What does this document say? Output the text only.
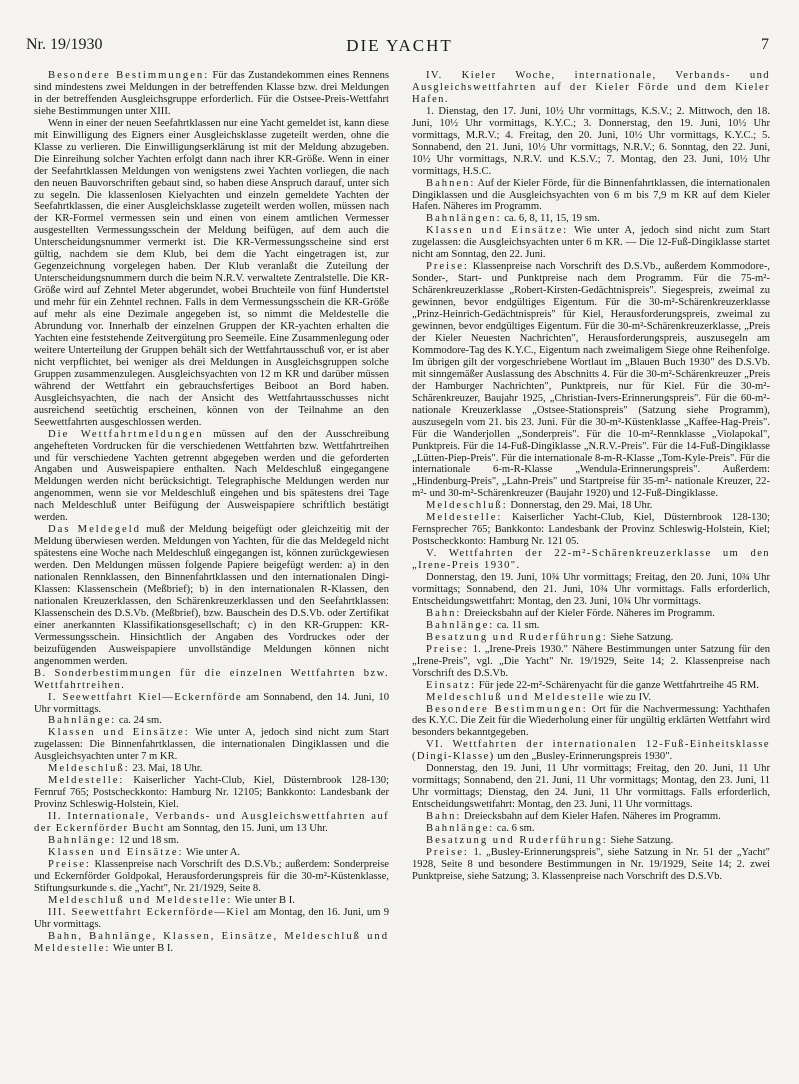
Nr. 19/1930	DIE YACHT	7

Besondere Bestimmungen: Für das Zustandekommen eines Rennens sind mindestens zwei Meldungen in der betreffenden Klasse bzw. drei Meldungen in der betreffenden Ausgleichsgruppe erforderlich. Für die Ostsee-Preis-Wettfahrt siehe Bestimmungen unter XIII.

Wenn in einer der neuen Seefahrtklassen nur eine Yacht gemeldet ist, kann diese mit Einwilligung des Eigners einer Ausgleichsklasse zugeteilt werden, ohne die Klasse zu verlieren. Die Einwilligungserklärung ist mit der Meldung abzugeben. Die Einreihung solcher Yachten erfolgt dann nach ihrer KR-Größe. Wenn in einer der Seefahrtklassen Meldungen von wenigstens zwei Yachten vorliegen, die nach den neuen Bauvorschriften gebaut sind, so haben diese Anspruch darauf, unter sich zu segeln. Die klassenlosen Kielyachten und einzeln gemeldete Yachten der Seefahrtklassen, die einer Ausgleichsklasse zugeteilt werden wollen, müssen nach der KR-Formel vermessen sein und einen von einem amtlichen Vermesser ausgestellten Vermessungsschein der Meldung beifügen, auf dem auch die Unterscheidungsnummer vermerkt ist. Die KR-Vermessungsscheine sind erst gültig, nachdem sie dem Klub, bei dem die Yacht eingetragen ist, zur Gegenzeichnung vorgelegen haben. Der Klub veranlaßt die Zuteilung der Unterscheidungsnummern durch die beim N.R.V. verwaltete Zentralstelle. Die KR-Größe wird auf Zehntel Meter abgerundet, wobei Bruchteile von fünf Hundertstel und mehr für ein Zehntel rechnen. Falls in dem Vermessungsschein die KR-Größe auf mehr als eine Dezimale angegeben ist, so nimmt die Meldestelle die Abrundung vor. Innerhalb der einzelnen Gruppen der KR-yachten erhalten die Yachten eine feststehende Zeitvergütung pro Seemeile. Eine Zusammenlegung oder weitere Unterteilung der Gruppen behält sich der Wettfahrtausschuß vor, er ist aber nicht verpflichtet, bei weniger als drei Meldungen in Ausgleichsgruppen solche Gruppen zusammenzulegen. Ausgleichsyachten von 12 m KR und darüber müssen während der Wettfahrt ein gebrauchsfertiges Beiboot an Bord haben. Ausgleichsyachten, die nach der Ansicht des Wettfahrtausschusses nicht ausreichend seetüchtig erscheinen, können von der Teilnahme an den Seewettfahrten ausgeschlossen werden.

Die Wettfahrtmeldungen müssen auf den der Ausschreibung angehefteten Vordrucken für die verschiedenen Wettfahrten bzw. Wettfahrtreihen und für verschiedene Yachten getrennt abgegeben werden und die geforderten Angaben und Ausweispapiere enthalten. Nach Meldeschluß eingegangene Meldungen werden nicht berücksichtigt. Telegraphische Meldungen werden nur angenommen, wenn sie vor Meldeschluß eingehen und bis spätestens drei Tage nach Meldeschluß unter Beifügung der Ausweispapiere schriftlich bestätigt werden.

Das Meldegeld muß der Meldung beigefügt oder gleichzeitig mit der Meldung überwiesen werden. Meldungen von Yachten, für die das Meldegeld nicht spätestens eine Woche nach Meldeschluß eingegangen ist, können zurückgewiesen werden. Den Meldungen müssen folgende Papiere beigefügt werden: a) in den nationalen Rennklassen, den Binnenfahrtklassen und den internationalen Dingi-Klassen: Klassenschein (Meßbrief); b) in den internationalen R-Klassen, den nationalen Kreuzerklassen, den Schärenkreuzerklassen und den Seefahrtklassen: Klassenschein des D.S.Vb. (Meßbrief), bzw. Bauschein des D.S.Vb. oder Zertifikat einer anerkannten Klassifikationsgesellschaft; c) in den KR-Gruppen: KR-Vermessungsschein. Hinsichtlich der Angaben des Vordruckes oder der beizufügenden Ausweispapiere unvollständige Meldungen können nicht angenommen werden.

B. Sonderbestimmungen für die einzelnen Wettfahrten bzw. Wettfahrtreihen.

I. Seewettfahrt Kiel—Eckernförde am Sonnabend, den 14. Juni, 10 Uhr vormittags.

Bahnlänge: ca. 24 sm.

Klassen und Einsätze: Wie unter A, jedoch sind nicht zum Start zugelassen: Die Binnenfahrtklassen, die internationalen Dingiklassen und die Ausgleichsyachten unter 7 m KR.

Meldeschluß: 23. Mai, 18 Uhr.

Meldestelle: Kaiserlicher Yacht-Club, Kiel, Düsternbrook 128-130; Fernruf 765; Postscheckkonto: Hamburg Nr. 12105; Bankkonto: Landesbank der Provinz Schleswig-Holstein, Kiel.

II. Internationale, Verbands- und Ausgleichswettfahrten auf der Eckernförder Bucht am Sonntag, den 15. Juni, um 13 Uhr.

Bahnlänge: 12 und 18 sm.

Klassen und Einsätze: Wie unter A.

Preise: Klassenpreise nach Vorschrift des D.S.Vb.; außerdem: Sonderpreise und Eckernförder Goldpokal, Herausforderungspreis für die 30-m²-Küstenklasse, Stiftungsurkunde s. die „Yacht", Nr. 21/1929, Seite 8.

Meldeschluß und Meldestelle: Wie unter B I.

III. Seewettfahrt Eckernförde—Kiel am Montag, den 16. Juni, um 9 Uhr vormittags.

Bahn, Bahnlänge, Klassen, Einsätze, Meldeschluß und Meldestelle: Wie unter B I.

IV. Kieler Woche, internationale, Verbands- und Ausgleichswettfahrten auf der Kieler Förde und dem Kieler Hafen.

1. Dienstag, den 17. Juni, 10½ Uhr vormittags, K.S.V.; 2. Mittwoch, den 18. Juni, 10½ Uhr vormittags, K.Y.C.; 3. Donnerstag, den 19. Juni, 10½ Uhr vormittags, M.R.V.; 4. Freitag, den 20. Juni, 10½ Uhr vormittags, K.Y.C.; 5. Sonnabend, den 21. Juni, 10½ Uhr vormittags, N.R.V.; 6. Sonntag, den 22. Juni, 10½ Uhr vormittags, N.R.V. und K.S.V.; 7. Montag, den 23. Juni, 10½ Uhr vormittags, H.S.C.

Bahnen: Auf der Kieler Förde, für die Binnenfahrtklassen, die internationalen Dingiklassen und die Ausgleichsyachten von 6 m bis 7,9 m KR auf dem Kieler Hafen. Näheres im Programm.

Bahnlängen: ca. 6, 8, 11, 15, 19 sm.

Klassen und Einsätze: Wie unter A, jedoch sind nicht zum Start zugelassen: die Ausgleichsyachten unter 6 m KR. — Die 12-Fuß-Dingiklasse startet nicht am Sonntag, den 22. Juni.

Preise: Klassenpreise nach Vorschrift des D.S.Vb., außerdem Kommodore-, Sonder-, Start- und Punktpreise nach dem Programm. Für die 75-m²-Schärenkreuzerklasse „Robert-Kirsten-Gedächtnispreis". Siegespreis, zweimal zu gewinnen, bevor endgültiges Eigentum. Für die 30-m²-Schärenkreuzerklasse „Prinz-Heinrich-Gedächtnispreis" für Kiel, Herausforderungspreis, zweimal zu gewinnen, bevor endgültiges Eigentum. Für die 30-m²-Schärenkreuzerklasse, „Preis der Kieler Neuesten Nachrichten", Herausforderungspreis, auszusegeln am Kommodore-Tag des K.Y.C., Eigentum nach zweimaligem Siege ohne Reihenfolge. Im übrigen gilt der vorgeschriebene Wortlaut im „Blauen Buch 1930" des D.S.Vb. mit sinngemäßer Auslassung des Abschnitts 4. Für die 30-m²-Schärenkreuzer „Preis der Hamburger Nachrichten", Punktpreis, nur für Kiel. Für die 30-m²-Schärenkreuzer, Baujahr 1925, „Christian-Ivers-Erinnerungspreis". Für die 60-m²- nationale Kreuzerklasse „Ostsee-Stationspreis" (Satzung siehe Programm), auszusegeln vom 21. bis 23. Juni. Für die 30-m²-Küstenklasse „Kaffee-Hag-Preis". Für die Wanderjollen „Sonderpreis". Für die 10-m²-Rennklasse „Violapokal", Punktpreis. Für die 14-Fuß-Dingiklasse „N.R.V.-Preis". Für die 14-Fuß-Dingiklasse „Lütten-Piep-Preis". Für die internationale 8-m-R-Klasse „Tom-Kyle-Preis". Für die internationale 6-m-R-Klasse „Wendula-Erinnerungspreis". Außerdem: „Hindenburg-Preis", „Lahn-Preis" und Startpreise für 35-m²- nationale Kreuzer, 22-m²- und 30-m²-Schärenkreuzer (Baujahr 1920) und 12-Fuß-Dingiklasse.

Meldeschluß: Donnerstag, den 29. Mai, 18 Uhr.

Meldestelle: Kaiserlicher Yacht-Club, Kiel, Düsternbrook 128-130; Fernsprecher 765; Bankkonto: Landesbank der Provinz Schleswig-Holstein, Kiel; Postscheckkonto: Hamburg Nr. 121 05.

V. Wettfahrten der 22-m²-Schärenkreuzerklasse um den „Irene-Preis 1930".

Donnerstag, den 19. Juni, 10¾ Uhr vormittags; Freitag, den 20. Juni, 10¾ Uhr vormittags; Sonnabend, den 21. Juni, 10¾ Uhr vormittags. Falls erforderlich, Entscheidungswettfahrt: Montag, den 23. Juni, 10¾ Uhr vormittags.

Bahn: Dreiecksbahn auf der Kieler Förde. Näheres im Programm.

Bahnlänge: ca. 11 sm.

Besatzung und Ruderführung: Siehe Satzung.

Preise: 1. „Irene-Preis 1930." Nähere Bestimmungen unter Satzung für den „Irene-Preis", vgl. „Die Yacht" Nr. 19/1929, Seite 14; 2. Klassenpreise nach Vorschrift des D.S.Vb.

Einsatz: Für jede 22-m²-Schärenyacht für die ganze Wettfahrtreihe 45 RM.

Meldeschluß und Meldestelle wie zu IV.

Besondere Bestimmungen: Ort für die Nachvermessung: Yachthafen des K.Y.C. Die Zeit für die Wiederholung einer für ungültig erklärten Wettfahrt wird besonders bekanntgegeben.

VI. Wettfahrten der internationalen 12-Fuß-Einheitsklasse (Dingi-Klasse) um den „Busley-Erinnerungspreis 1930".

Donnerstag, den 19. Juni, 11 Uhr vormittags; Freitag, den 20. Juni, 11 Uhr vormittags; Sonnabend, den 21. Juni, 11 Uhr vormittags; Montag, den 23. Juni, 11 Uhr vormittags; Dienstag, den 24. Juni, 11 Uhr vormittags. Falls erforderlich, Entscheidungswettfahrt: Montag, den 23. Juni, 11 Uhr vormittags.

Bahn: Dreiecksbahn auf dem Kieler Hafen. Näheres im Programm.

Bahnlänge: ca. 6 sm.

Besatzung und Ruderführung: Siehe Satzung.

Preise: 1. „Busley-Erinnerungspreis", siehe Satzung in Nr. 51 der „Yacht" 1928, Seite 8 und besondere Bestimmungen in Nr. 19/1929, Seite 14; 2. zwei Punktpreise, siehe Satzung; 3. Klassenpreise nach Vorschrift des D.S.Vb.
